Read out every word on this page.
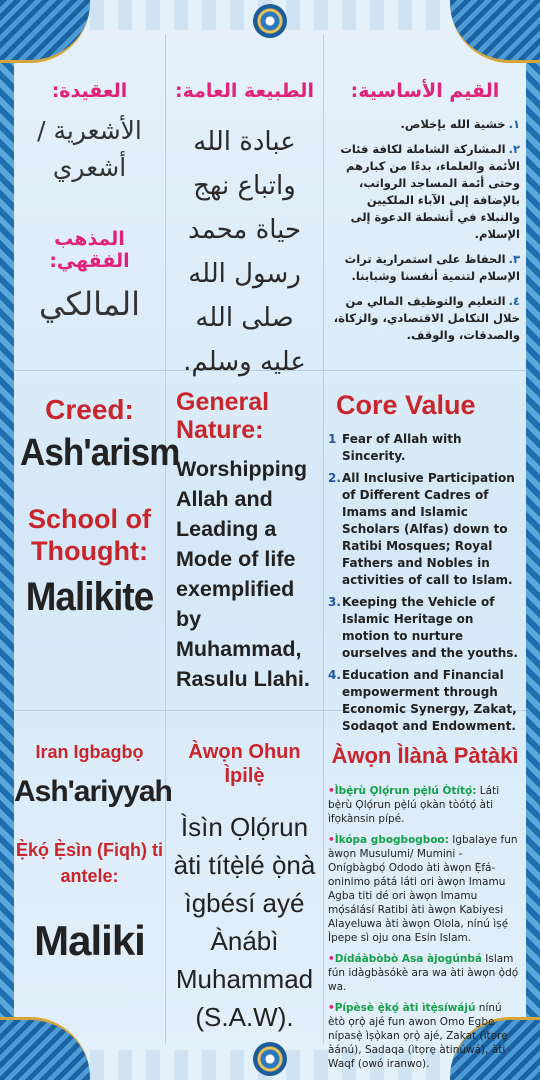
العقيدة:
الأشعرية / أشعري
المذهب الفقهي:
المالكي
الطبيعة العامة:
عبادة الله واتباع نهج حياة محمد رسول الله صلى الله عليه وسلم.
القيم الأساسية:
١.خشية الله بإخلاص.
٢.المشاركة الشاملة لكافة فئات الأئمة والعلماء، بدءًا من كبارهم وحتى أئمة المساجد الرواتب، بالإضافة إلى الآباء الملكيين والنبلاء في أنشطة الدعوة إلى الإسلام.
٣.الحفاظ على استمرارية تراث الإسلام لتنمية أنفسنا وشبابنا.
٤.التعليم والتوظيف المالي من خلال التكامل الاقتصادي، والزكاة، والصدقات، والوقف.
Creed:
Ash'arism
School of Thought:
Malikite
General Nature:
Worshipping Allah and Leading a Mode of life exemplified by Muhammad, Rasulu Llahi.
Core Value
1 Fear of Allah with Sincerity.
2. All Inclusive Participation of Different Cadres of Imams and Islamic Scholars (Alfas) down to Ratibi Mosques; Royal Fathers and Nobles in activities of call to Islam.
3. Keeping the Vehicle of Islamic Heritage on motion to nurture ourselves and the youths.
4. Education and Financial empowerment through Economic Synergy, Zakat, Sodaqot and Endowment.
Iran Igbagbọ
Ash'ariyyah
Ẹ̀kọ́ Ẹ̀sìn (Fiqh) ti antele:
Maliki
Àwọn Ohun Ìpilẹ̀
Ìsìn Ọlọ́run àti títẹ̀lé ọ̀nà ìgbésí ayé Ànábì Muhammad (S.A.W).
Àwọn Ìlànà Pàtàkì
•Ìbẹ̀rù Ọlọ́run pẹ̀lú Òtítọ́: Láti bẹ̀rù Ọlọ́run pẹ̀lú ọkàn tòótọ́ àti ìfọkànsin pípé.
•Ìkópa gbogbogboo: Igbalaye fun àwọn Musulumi/ Mumini -Onígbàgbọ́ Ododo àti àwọn Ẹ̀fá- oninimo pátá láti ori àwọn Imamu Agba titi dé ori àwọn Imamu mọ́sálásí Ratibi àti àwọn Kabiyesi Alayeluwa àti àwọn Olola, nínú ìṣẹ́ Ìpepe sì oju ona Esin Islam.
•Dídáàbòbò Asa àjogúnbá Islam fún idàgbàsókè ara wa àti àwọn ọ̀dọ́ wa.
•Pípèsè ẹ̀kọ́ àti ìtẹ̀síwájú nínú ètò ọrọ̀ ajé fun awon Omo Egbe nípasẹ̀ ìṣọ̀kan ọrọ̀ ajé, Zakat (ìtọrẹ àánú), Sadaqa (ìtọrẹ àtinúwá), àti Waqf (owó iranwo).
